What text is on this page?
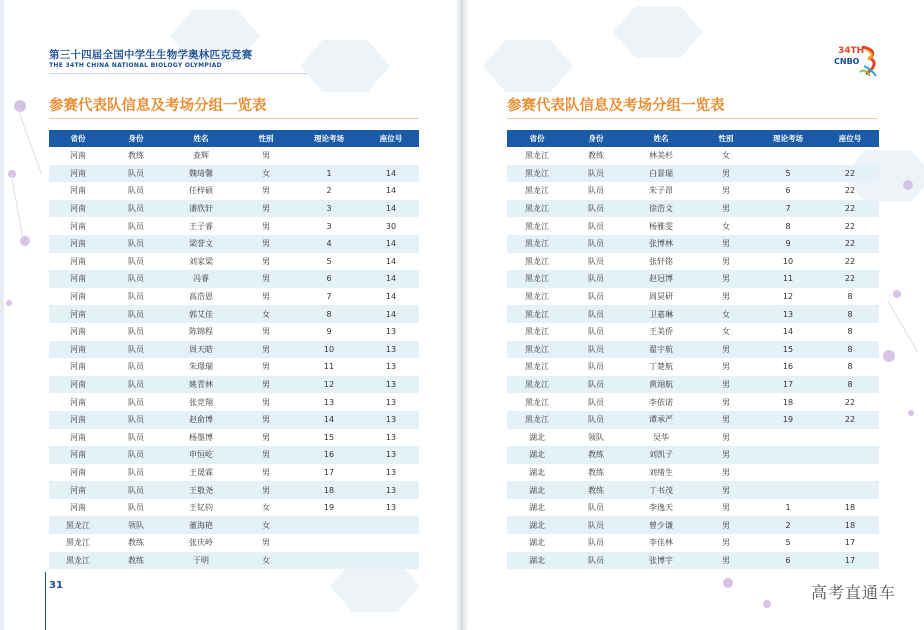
第三十四届全国中学生生物学奥林匹克竞赛
THE 34TH CHINA NATIONAL BIOLOGY OLYMPIAD
参赛代表队信息及考场分组一览表
省份	身份	姓名	性别	理论考场	座位号
河南	教练	查辉	男		
河南	队员	魏琦馨	女	1	14
河南	队员	任梓硕	男	2	14
河南	队员	潘欣轩	男	3	14
河南	队员	王子睿	男	3	30
河南	队员	梁誉文	男	4	14
河南	队员	刘家梁	男	5	14
河南	队员	冯睿	男	6	14
河南	队员	高浩恩	男	7	14
河南	队员	郭艾佳	女	8	14
河南	队员	陈锦程	男	9	13
河南	队员	周天皓	男	10	13
河南	队员	朱璟瑞	男	11	13
河南	队员	姚青林	男	12	13
河南	队员	张竞翔	男	13	13
河南	队员	赵俞博	男	14	13
河南	队员	杨墨博	男	15	13
河南	队员	申恒屹	男	16	13
河南	队员	王晟霖	男	17	13
河南	队员	王敬尧	男	18	13
河南	队员	王钇钧	女	19	13
黑龙江	领队	董海艳	女		
黑龙江	教练	张庆岭	男		
黑龙江	教练	于明	女		
31
34TH
CNBO
参赛代表队信息及考场分组一览表
省份	身份	姓名	性别	理论考场	座位号
黑龙江	教练	林美杉	女		
黑龙江	队员	白景瑞	男	5	22
黑龙江	队员	朱子昂	男	6	22
黑龙江	队员	徐浩文	男	7	22
黑龙江	队员	杨雅雯	女	8	22
黑龙江	队员	张博林	男	9	22
黑龙江	队员	张轩铭	男	10	22
黑龙江	队员	赵冠博	男	11	22
黑龙江	队员	周昊研	男	12	8
黑龙江	队员	卫嘉琳	女	13	8
黑龙江	队员	王美侨	女	14	8
黑龙江	队员	翟宇航	男	15	8
黑龙江	队员	丁楚航	男	16	8
黑龙江	队员	黄翊航	男	17	8
黑龙江	队员	李依诺	男	18	22
黑龙江	队员	谭承严	男	19	22
湖北	领队	吴华	男		
湖北	教练	刘凯子	男		
湖北	教练	刘绪生	男		
湖北	教练	丁书茂	男		
湖北	队员	李逸天	男	1	18
湖北	队员	曾少谦	男	2	18
湖北	队员	李佳林	男	5	17
湖北	队员	张博宇	男	6	17
高考直通车
